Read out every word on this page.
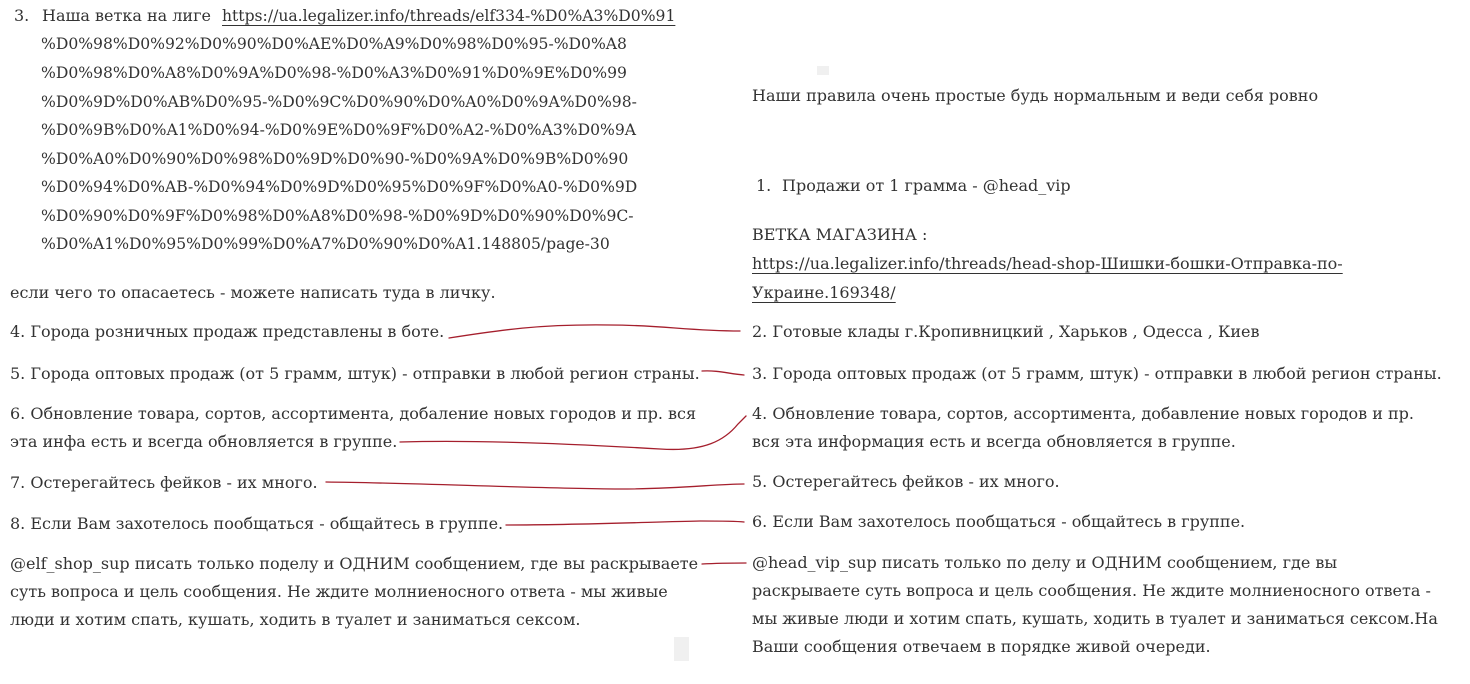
3. Наша ветка на лиге https://ua.legalizer.info/threads/elf334-%D0%A3%D0%91
%D0%98%D0%92%D0%90%D0%AE%D0%A9%D0%98%D0%95-%D0%A8
%D0%98%D0%A8%D0%9A%D0%98-%D0%A3%D0%91%D0%9E%D0%99
%D0%9D%D0%AB%D0%95-%D0%9C%D0%90%D0%A0%D0%9A%D0%98-
%D0%9B%D0%A1%D0%94-%D0%9E%D0%9F%D0%A2-%D0%A3%D0%9A
%D0%A0%D0%90%D0%98%D0%9D%D0%90-%D0%9A%D0%9B%D0%90
%D0%94%D0%AB-%D0%94%D0%9D%D0%95%D0%9F%D0%A0-%D0%9D
%D0%90%D0%9F%D0%98%D0%A8%D0%98-%D0%9D%D0%90%D0%9C-
%D0%A1%D0%95%D0%99%D0%A7%D0%90%D0%A1.148805/page-30
если чего то опасаетесь - можете написать туда в личку.
4. Города розничных продаж представлены в боте.
5. Города оптовых продаж (от 5 грамм, штук) - отправки в любой регион страны.
6. Обновление товара, сортов, ассортимента, добаление новых городов и пр. вся
эта инфа есть и всегда обновляется в группе.
7. Остерегайтесь фейков - их много.
8. Если Вам захотелось пообщаться - общайтесь в группе.
@elf_shop_sup писать только поделу и ОДНИМ сообщением, где вы раскрываете
суть вопроса и цель сообщения. Не ждите молниеносного ответа - мы живые
люди и хотим спать, кушать, ходить в туалет и заниматься сексом.
Наши правила очень простые будь нормальным и веди себя ровно
1. Продажи от 1 грамма - @head_vip
ВЕТКА МАГАЗИНА :
https://ua.legalizer.info/threads/head-shop-Шишки-бошки-Отправка-по-
Украине.169348/
2. Готовые клады г.Кропивницкий , Харьков , Одесса , Киев
3. Города оптовых продаж (от 5 грамм, штук) - отправки в любой регион страны.
4. Обновление товара, сортов, ассортимента, добавление новых городов и пр.
вся эта информация есть и всегда обновляется в группе.
5. Остерегайтесь фейков - их много.
6. Если Вам захотелось пообщаться - общайтесь в группе.
@head_vip_sup писать только по делу и ОДНИМ сообщением, где вы
раскрываете суть вопроса и цель сообщения. Не ждите молниеносного ответа -
мы живые люди и хотим спать, кушать, ходить в туалет и заниматься сексом.На
Ваши сообщения отвечаем в порядке живой очереди.
